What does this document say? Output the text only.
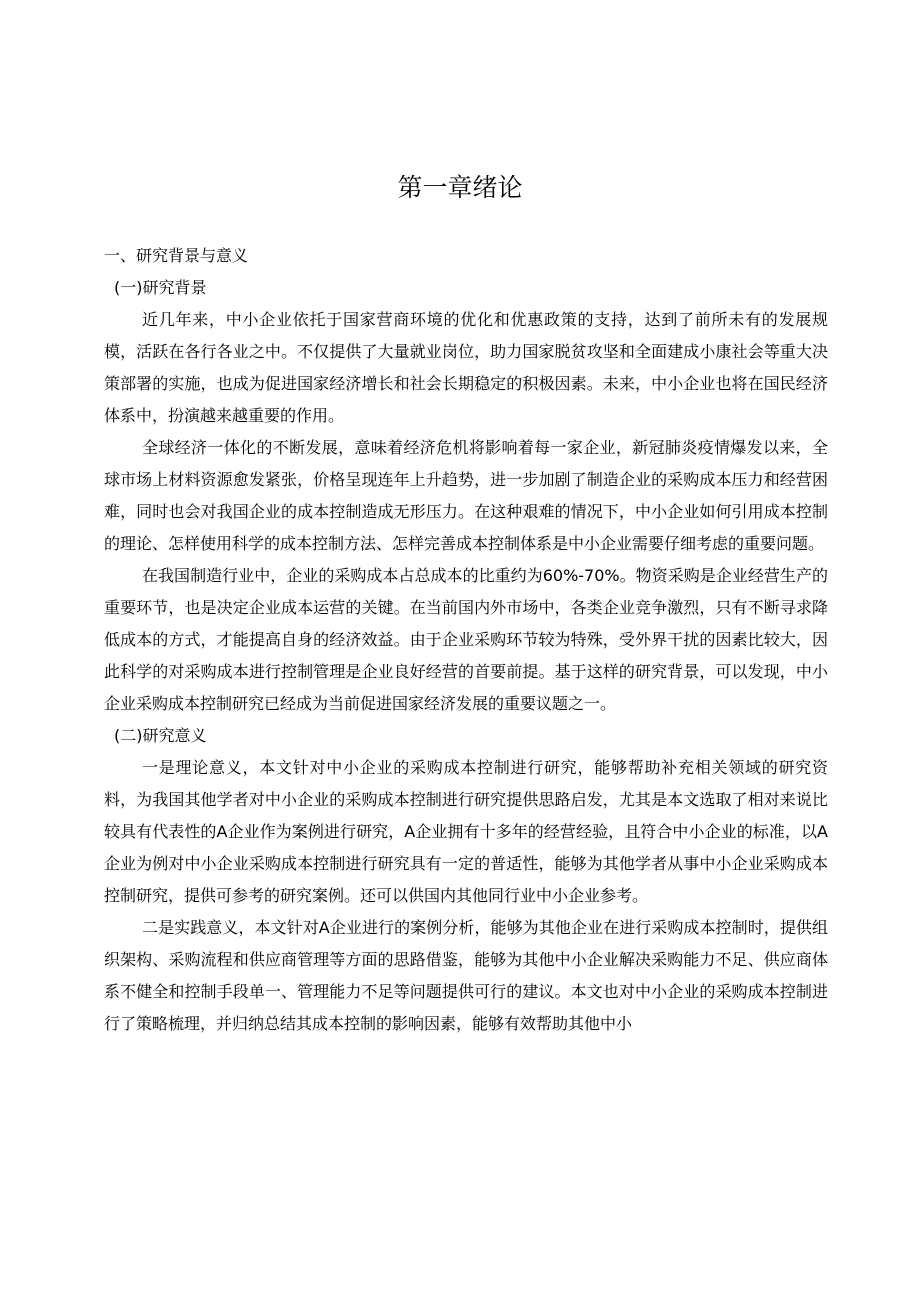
第一章绪论
一、研究背景与意义
(一)研究背景

近几年来，中小企业依托于国家营商环境的优化和优惠政策的支持，达到了前所未有的发展规模，活跃在各行各业之中。不仅提供了大量就业岗位，助力国家脱贫攻坚和全面建成小康社会等重大决策部署的实施，也成为促进国家经济增长和社会长期稳定的积极因素。未来，中小企业也将在国民经济体系中，扮演越来越重要的作用。

全球经济一体化的不断发展，意味着经济危机将影响着每一家企业，新冠肺炎疫情爆发以来，全球市场上材料资源愈发紧张，价格呈现连年上升趋势，进一步加剧了制造企业的采购成本压力和经营困难，同时也会对我国企业的成本控制造成无形压力。在这种艰难的情况下，中小企业如何引用成本控制的理论、怎样使用科学的成本控制方法、怎样完善成本控制体系是中小企业需要仔细考虑的重要问题。

在我国制造行业中，企业的采购成本占总成本的比重约为60%-70%。物资采购是企业经营生产的重要环节，也是决定企业成本运营的关键。在当前国内外市场中，各类企业竞争激烈，只有不断寻求降低成本的方式，才能提高自身的经济效益。由于企业采购环节较为特殊，受外界干扰的因素比较大，因此科学的对采购成本进行控制管理是企业良好经营的首要前提。基于这样的研究背景，可以发现，中小企业采购成本控制研究已经成为当前促进国家经济发展的重要议题之一。

(二)研究意义

一是理论意义，本文针对中小企业的采购成本控制进行研究，能够帮助补充相关领域的研究资料，为我国其他学者对中小企业的采购成本控制进行研究提供思路启发，尤其是本文选取了相对来说比较具有代表性的A企业作为案例进行研究，A企业拥有十多年的经营经验，且符合中小企业的标准，以A企业为例对中小企业采购成本控制进行研究具有一定的普适性，能够为其他学者从事中小企业采购成本控制研究，提供可参考的研究案例。还可以供国内其他同行业中小企业参考。

二是实践意义，本文针对A企业进行的案例分析，能够为其他企业在进行采购成本控制时，提供组织架构、采购流程和供应商管理等方面的思路借鉴，能够为其他中小企业解决采购能力不足、供应商体系不健全和控制手段单一、管理能力不足等问题提供可行的建议。本文也对中小企业的采购成本控制进行了策略梳理，并归纳总结其成本控制的影响因素，能够有效帮助其他中小
